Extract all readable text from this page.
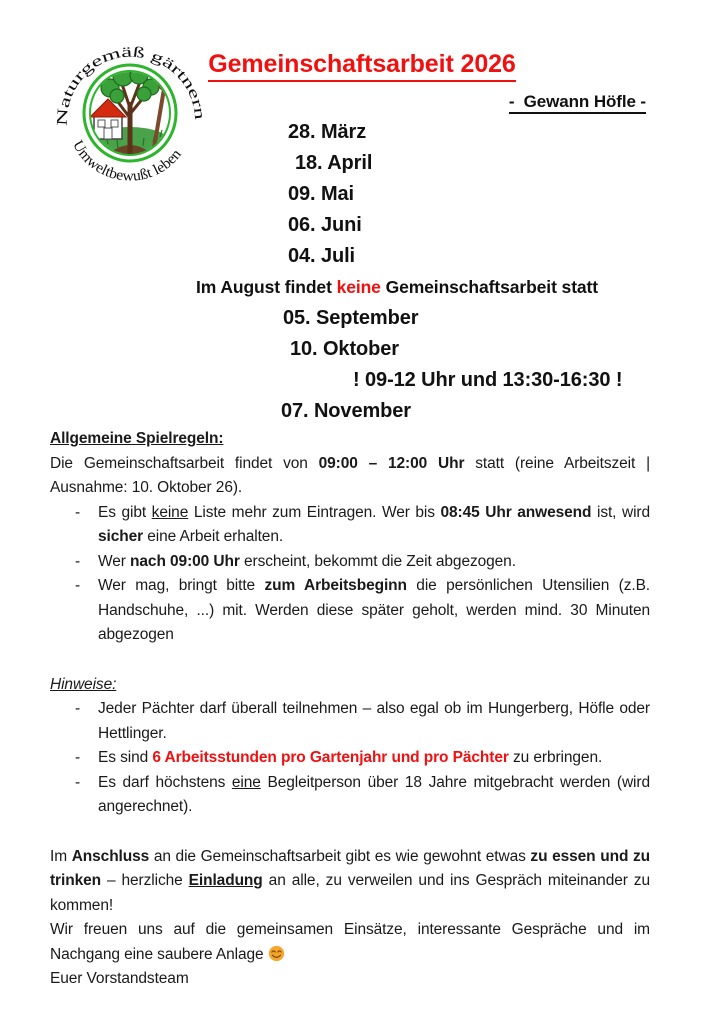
Naturgemäß gärtnern
Umweltbewußt leben
Gemeinschaftsarbeit 2026
-  Gewann Höfle -
28. März
18. April
09. Mai
06. Juni
04. Juli
Im August findet keine Gemeinschaftsarbeit statt
05. September
10. Oktober
! 09-12 Uhr und 13:30-16:30 !
07. November
Allgemeine Spielregeln:
Die Gemeinschaftsarbeit findet von 09:00 – 12:00 Uhr statt (reine Arbeitszeit | Ausnahme: 10. Oktober 26).
-	Es gibt keine Liste mehr zum Eintragen. Wer bis 08:45 Uhr anwesend ist, wird sicher eine Arbeit erhalten.
-	Wer nach 09:00 Uhr erscheint, bekommt die Zeit abgezogen.
-	Wer mag, bringt bitte zum Arbeitsbeginn die persönlichen Utensilien (z.B. Handschuhe, ...) mit. Werden diese später geholt, werden mind. 30 Minuten abgezogen
Hinweise:
-	Jeder Pächter darf überall teilnehmen – also egal ob im Hungerberg, Höfle oder Hettlinger.
-	Es sind 6 Arbeitsstunden pro Gartenjahr und pro Pächter zu erbringen.
-	Es darf höchstens eine Begleitperson über 18 Jahre mitgebracht werden (wird angerechnet).
Im Anschluss an die Gemeinschaftsarbeit gibt es wie gewohnt etwas zu essen und zu trinken – herzliche Einladung an alle, zu verweilen und ins Gespräch miteinander zu kommen!
Wir freuen uns auf die gemeinsamen Einsätze, interessante Gespräche und im Nachgang eine saubere Anlage
Euer Vorstandsteam
